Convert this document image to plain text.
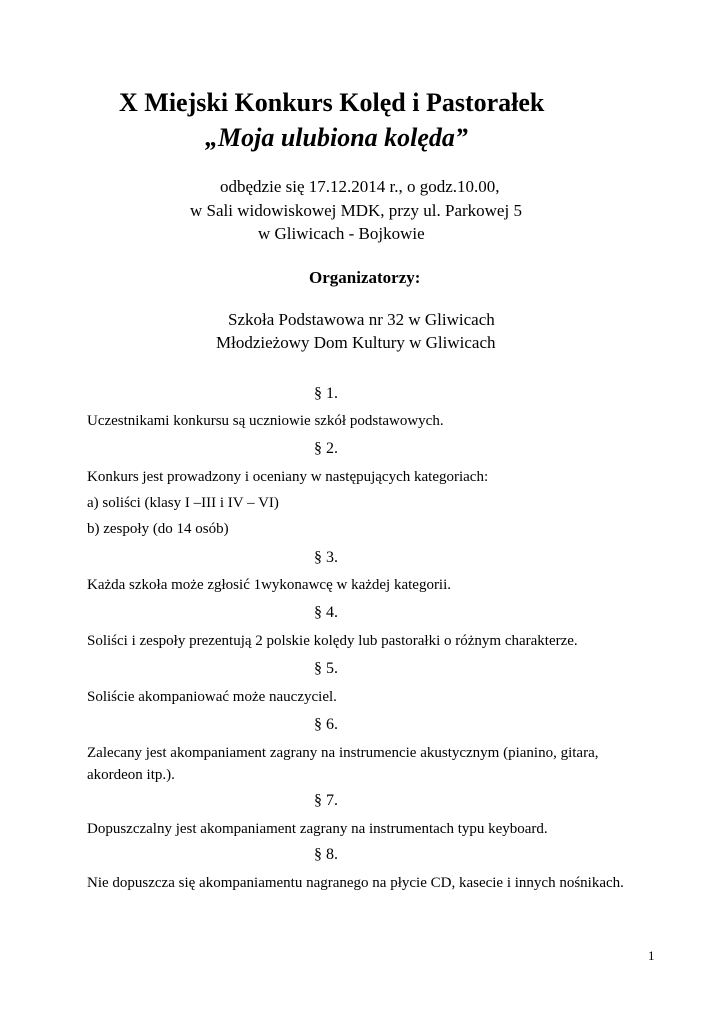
X Miejski Konkurs Kolęd i Pastorałek
„Moja ulubiona kolęda”
odbędzie się 17.12.2014 r., o godz.10.00,
w Sali widowiskowej MDK, przy ul. Parkowej 5
w Gliwicach - Bojkowie
Organizatorzy:
Szkoła Podstawowa nr 32 w Gliwicach
Młodzieżowy Dom Kultury w Gliwicach
§ 1.
Uczestnikami konkursu są uczniowie szkół podstawowych.
§ 2.
Konkurs jest prowadzony i oceniany w następujących kategoriach:
a) soliści (klasy I –III i IV – VI)
b) zespoły (do 14 osób)
§ 3.
Każda szkoła może zgłosić 1wykonawcę w każdej kategorii.
§ 4.
Soliści i zespoły prezentują 2 polskie kolędy lub pastorałki o różnym charakterze.
§ 5.
Soliście akompaniować może nauczyciel.
§ 6.
Zalecany jest akompaniament zagrany na instrumencie akustycznym (pianino, gitara, akordeon itp.).
§ 7.
Dopuszczalny jest akompaniament zagrany na instrumentach typu keyboard.
§ 8.
Nie dopuszcza się akompaniamentu nagranego na płycie CD, kasecie i innych nośnikach.
1
